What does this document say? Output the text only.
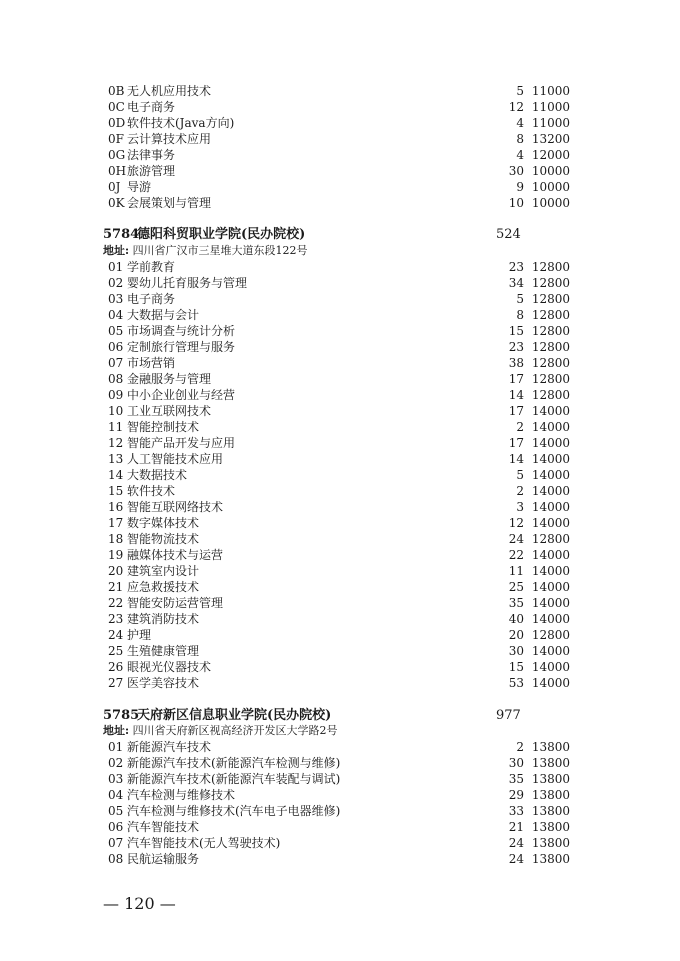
0B 无人机应用技术	5 11000
0C 电子商务	12 11000
0D 软件技术(Java方向)	4 11000
0F 云计算技术应用	8 13200
0G 法律事务	4 12000
0H 旅游管理	30 10000
0J 导游	9 10000
0K 会展策划与管理	10 10000
5784
德阳科贸职业学院(民办院校)	524
地址: 四川省广汉市三星堆大道东段122号
01 学前教育	23 12800
02 婴幼儿托育服务与管理	34 12800
03 电子商务	5 12800
04 大数据与会计	8 12800
05 市场调查与统计分析	15 12800
06 定制旅行管理与服务	23 12800
07 市场营销	38 12800
08 金融服务与管理	17 12800
09 中小企业创业与经营	14 12800
10 工业互联网技术	17 14000
11 智能控制技术	2 14000
12 智能产品开发与应用	17 14000
13 人工智能技术应用	14 14000
14 大数据技术	5 14000
15 软件技术	2 14000
16 智能互联网络技术	3 14000
17 数字媒体技术	12 14000
18 智能物流技术	24 12800
19 融媒体技术与运营	22 14000
20 建筑室内设计	11 14000
21 应急救援技术	25 14000
22 智能安防运营管理	35 14000
23 建筑消防技术	40 14000
24 护理	20 12800
25 生殖健康管理	30 14000
26 眼视光仪器技术	15 14000
27 医学美容技术	53 14000
5785
天府新区信息职业学院(民办院校)	977
地址: 四川省天府新区视高经济开发区大学路2号
01 新能源汽车技术	2 13800
02 新能源汽车技术(新能源汽车检测与维修)	30 13800
03 新能源汽车技术(新能源汽车装配与调试)	35 13800
04 汽车检测与维修技术	29 13800
05 汽车检测与维修技术(汽车电子电器维修)	33 13800
06 汽车智能技术	21 13800
07 汽车智能技术(无人驾驶技术)	24 13800
08 民航运输服务	24 13800
— 120 —
